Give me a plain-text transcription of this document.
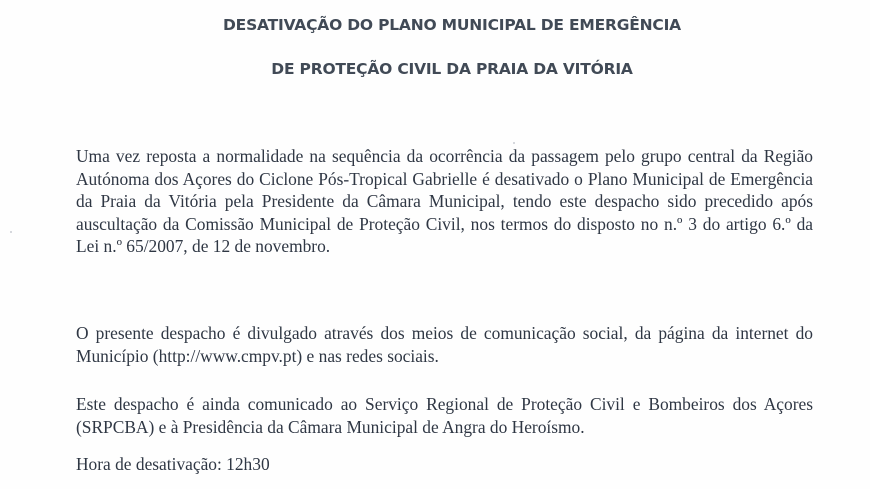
DESATIVAÇÃO DO PLANO MUNICIPAL DE EMERGÊNCIA
DE PROTEÇÃO CIVIL DA PRAIA DA VITÓRIA

Uma vez reposta a normalidade na sequência da ocorrência da passagem pelo grupo central da Região Autónoma dos Açores do Ciclone Pós-Tropical Gabrielle é desativado o Plano Municipal de Emergência da Praia da Vitória pela Presidente da Câmara Municipal, tendo este despacho sido precedido após auscultação da Comissão Municipal de Proteção Civil, nos termos do disposto no n.º 3 do artigo 6.º da Lei n.º 65/2007, de 12 de novembro.

O presente despacho é divulgado através dos meios de comunicação social, da página da internet do Município (http://www.cmpv.pt) e nas redes sociais.

Este despacho é ainda comunicado ao Serviço Regional de Proteção Civil e Bombeiros dos Açores (SRPCBA) e à Presidência da Câmara Municipal de Angra do Heroísmo.

Hora de desativação: 12h30
